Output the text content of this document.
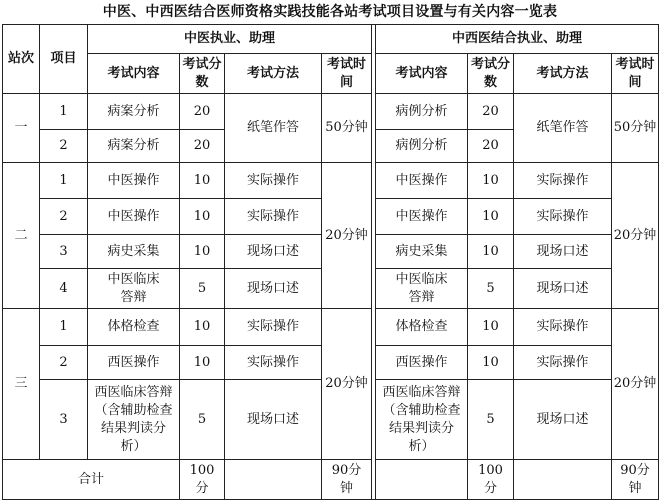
中医、中西医结合医师资格实践技能各站考试项目设置与有关内容一览表
站次	项目	中医执业、助理					中西医结合执业、助理			
		考试内容	考试分数	考试方法	考试时间		考试内容	考试分数	考试方法	考试时间
一	1	病案分析	20	纸笔作答	50分钟		病例分析	20	纸笔作答	50分钟
	2	病案分析	20				病例分析	20		
二	1	中医操作	10	实际操作	20分钟		中医操作	10	实际操作	20分钟
	2	中医操作	10	实际操作			中医操作	10	实际操作	
	3	病史采集	10	现场口述			病史采集	10	现场口述	
	4	中医临床答辩	5	现场口述			中医临床答辩	5	现场口述	
三	1	体格检查	10	实际操作	20分钟		体格检查	10	实际操作	20分钟
	2	西医操作	10	实际操作			西医操作	10	实际操作	
	3	西医临床答辩（含辅助检查结果判读分析）	5	现场口述			西医临床答辩（含辅助检查结果判读分析）	5	现场口述	
合计			100分		90分钟			100分		90分钟
